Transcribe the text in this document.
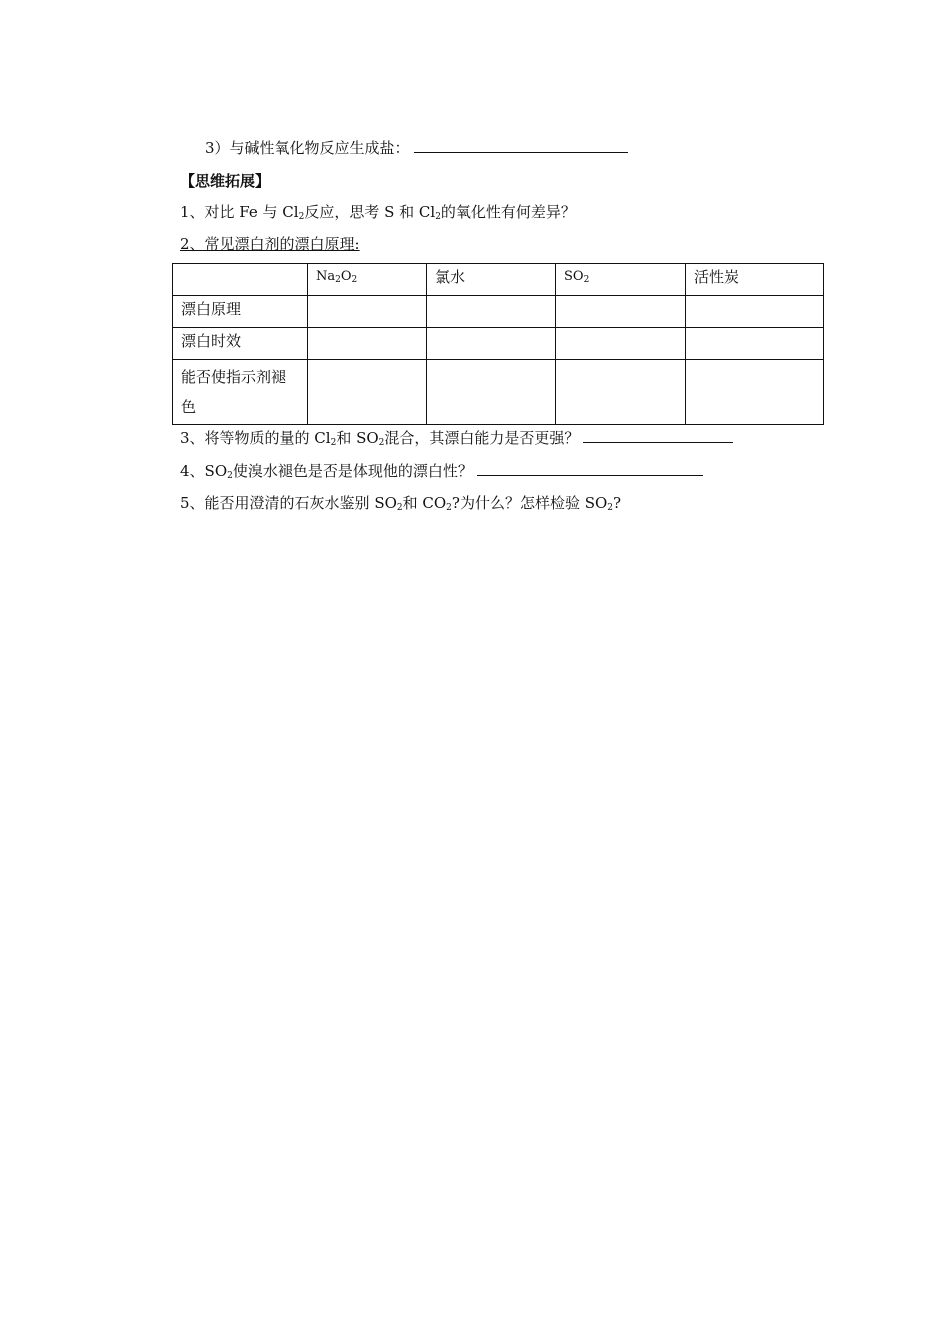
3）与碱性氧化物反应生成盐：
【思维拓展】
1、对比 Fe 与 $Cl_2$反应，思考 S 和 $Cl_2$的氧化性有何差异？
2、常见漂白剂的漂白原理:
	$Na_2O_2$	氯水	$SO_2$	活性炭
漂白原理				
漂白时效				
能否使指示剂褪色				
3、将等物质的量的 $Cl_2$和 $SO_2$混合，其漂白能力是否更强？
4、$SO_2$使溴水褪色是否是体现他的漂白性？
5、能否用澄清的石灰水鉴别 $SO_2$和 $CO_2$?为什么？怎样检验 $SO_2$?
